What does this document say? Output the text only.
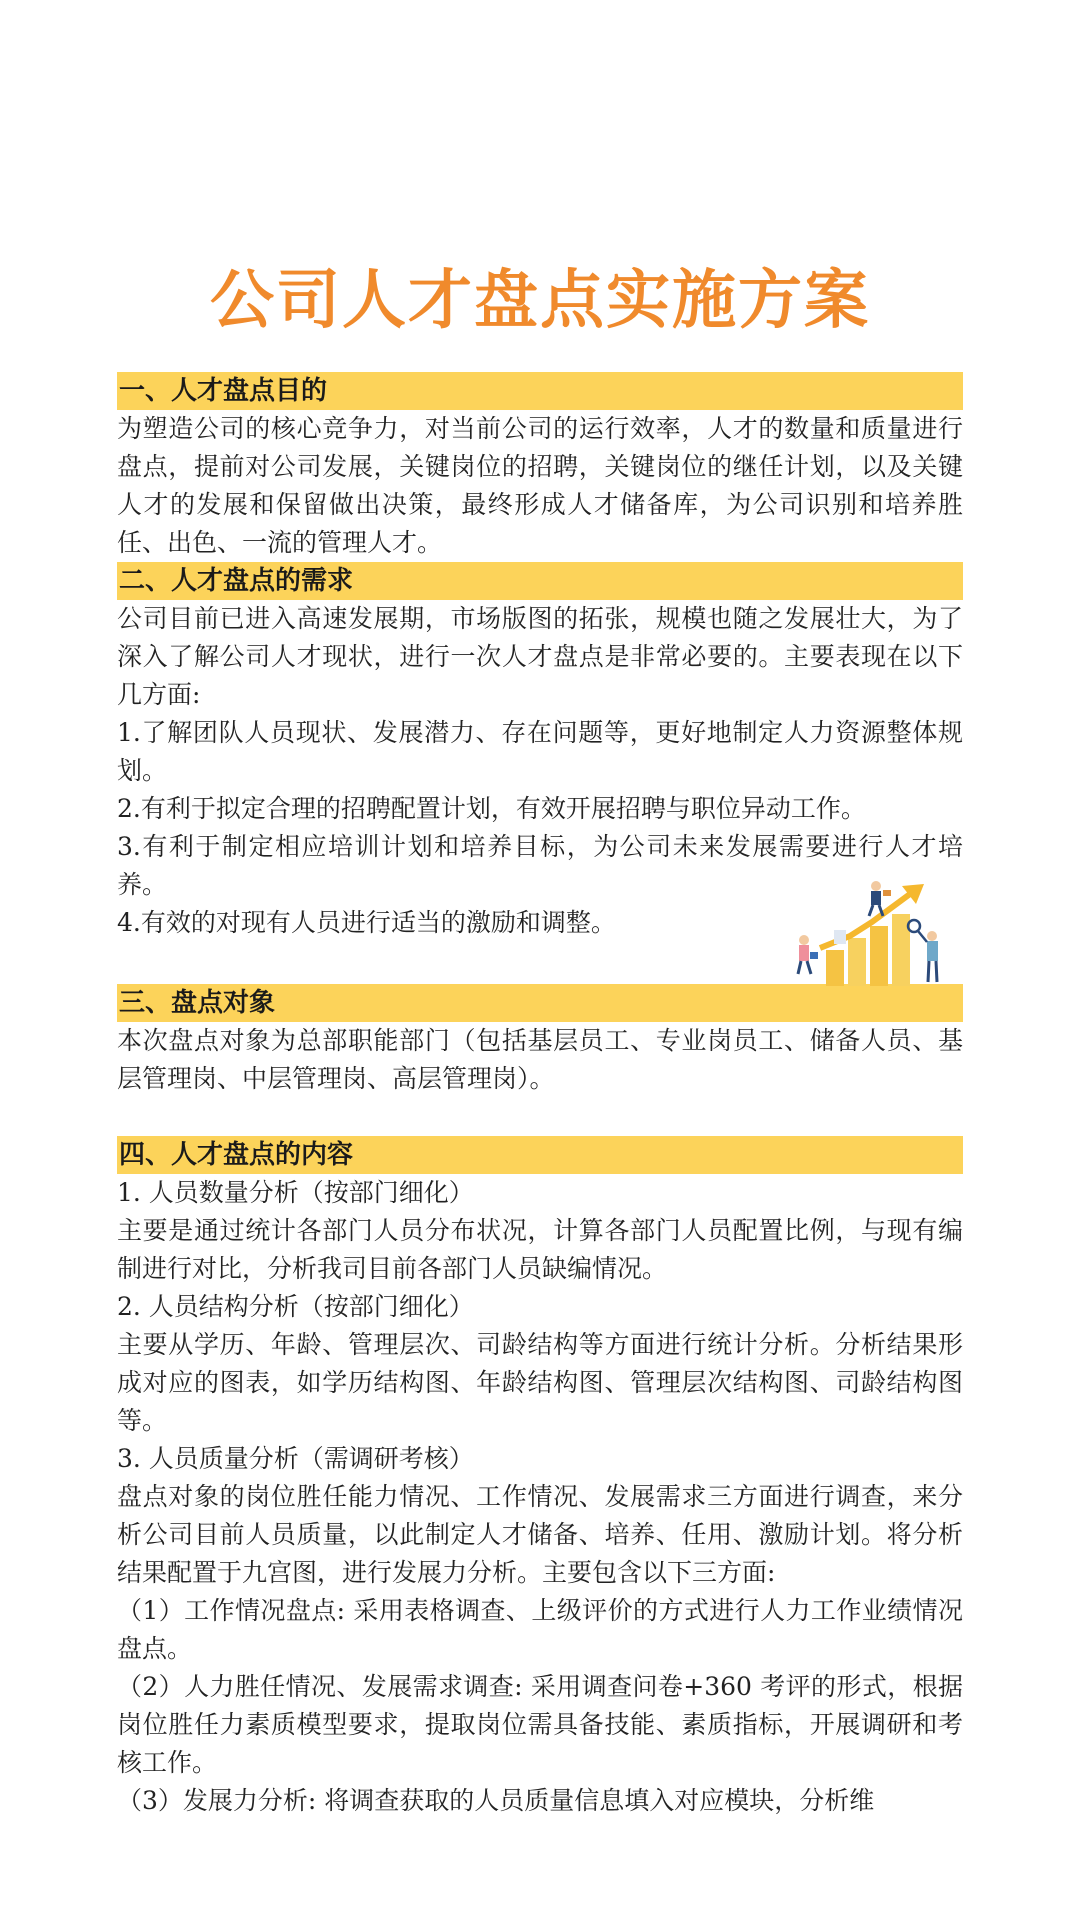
公司人才盘点实施方案
一、人才盘点目的
为塑造公司的核心竞争力，对当前公司的运行效率，人才的数量和质量进行盘点，提前对公司发展，关键岗位的招聘，关键岗位的继任计划，以及关键人才的发展和保留做出决策，最终形成人才储备库，为公司识别和培养胜任、出色、一流的管理人才。
二、人才盘点的需求
公司目前已进入高速发展期，市场版图的拓张，规模也随之发展壮大，为了深入了解公司人才现状，进行一次人才盘点是非常必要的。主要表现在以下几方面:
1.了解团队人员现状、发展潜力、存在问题等，更好地制定人力资源整体规划。
2.有利于拟定合理的招聘配置计划，有效开展招聘与职位异动工作。
3.有利于制定相应培训计划和培养目标，为公司未来发展需要进行人才培养。
4.有效的对现有人员进行适当的激励和调整。
三、盘点对象
本次盘点对象为总部职能部门（包括基层员工、专业岗员工、储备人员、基层管理岗、中层管理岗、高层管理岗）。
四、人才盘点的内容
1. 人员数量分析（按部门细化）
主要是通过统计各部门人员分布状况，计算各部门人员配置比例，与现有编制进行对比，分析我司目前各部门人员缺编情况。
2. 人员结构分析（按部门细化）
主要从学历、年龄、管理层次、司龄结构等方面进行统计分析。分析结果形成对应的图表，如学历结构图、年龄结构图、管理层次结构图、司龄结构图等。
3. 人员质量分析（需调研考核）
盘点对象的岗位胜任能力情况、工作情况、发展需求三方面进行调查，来分析公司目前人员质量，以此制定人才储备、培养、任用、激励计划。将分析结果配置于九宫图，进行发展力分析。主要包含以下三方面:
（1）工作情况盘点: 采用表格调查、上级评价的方式进行人力工作业绩情况盘点。
（2）人力胜任情况、发展需求调查: 采用调查问卷+360 考评的形式，根据岗位胜任力素质模型要求，提取岗位需具备技能、素质指标，开展调研和考核工作。
（3）发展力分析: 将调查获取的人员质量信息填入对应模块，分析维
